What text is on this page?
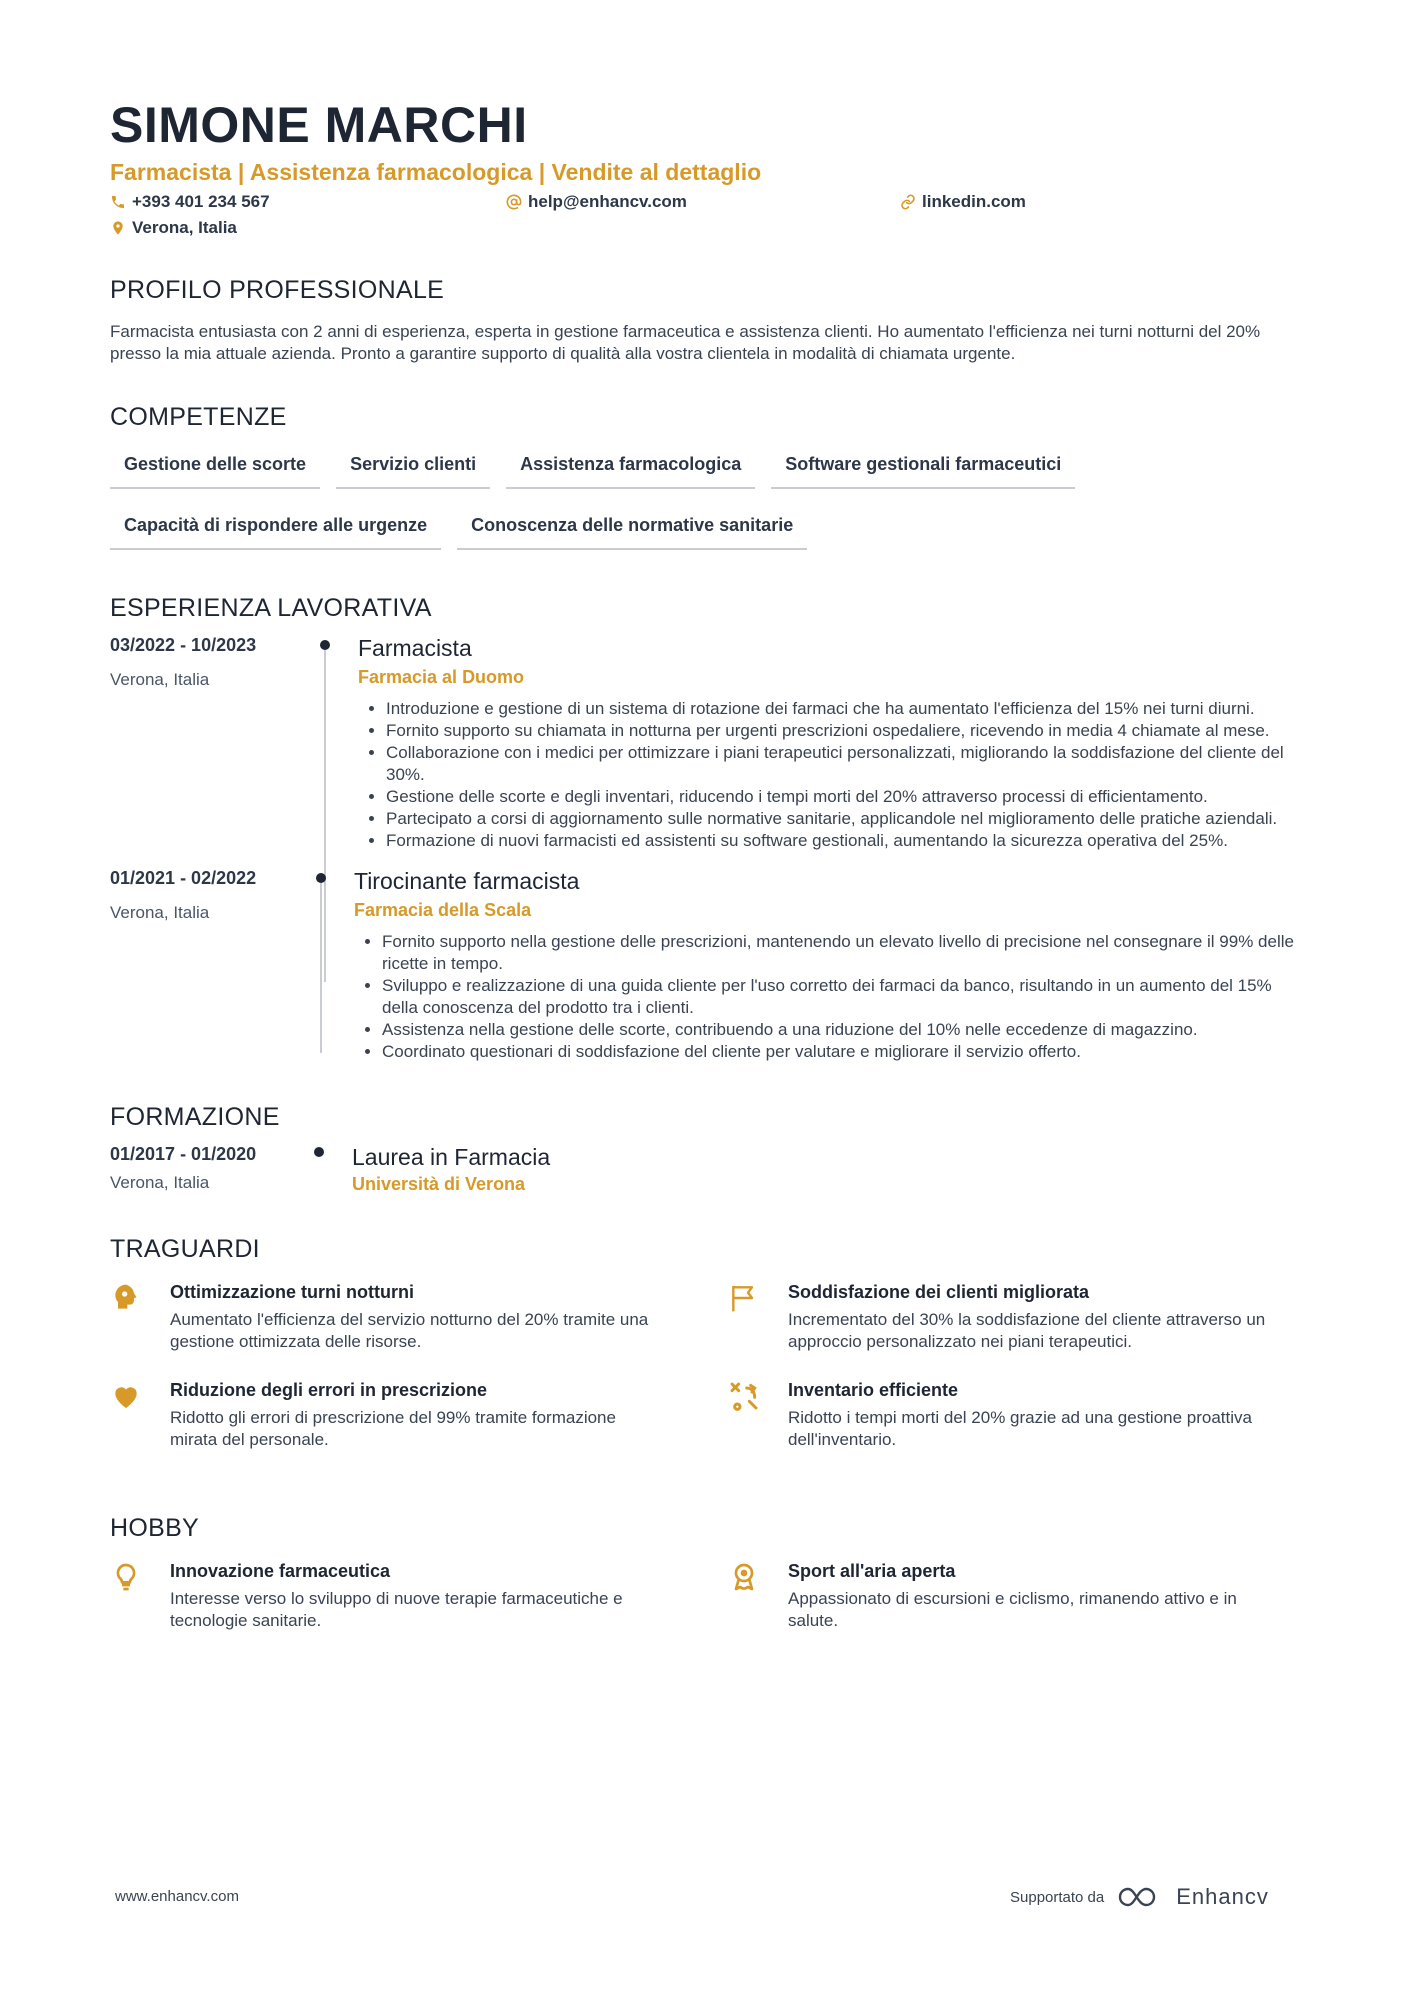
SIMONE MARCHI
Farmacista | Assistenza farmacologica | Vendite al dettaglio
+393 401 234 567	help@enhancv.com	linkedin.com
Verona, Italia
PROFILO PROFESSIONALE
Farmacista entusiasta con 2 anni di esperienza, esperta in gestione farmaceutica e assistenza clienti. Ho aumentato l'efficienza nei turni notturni del 20% presso la mia attuale azienda. Pronto a garantire supporto di qualità alla vostra clientela in modalità di chiamata urgente.
COMPETENZE
Gestione delle scorte	Servizio clienti	Assistenza farmacologica	Software gestionali farmaceutici
Capacità di rispondere alle urgenze	Conoscenza delle normative sanitarie
ESPERIENZA LAVORATIVA
03/2022 - 10/2023
Verona, Italia
Farmacista
Farmacia al Duomo
• Introduzione e gestione di un sistema di rotazione dei farmaci che ha aumentato l'efficienza del 15% nei turni diurni.
• Fornito supporto su chiamata in notturna per urgenti prescrizioni ospedaliere, ricevendo in media 4 chiamate al mese.
• Collaborazione con i medici per ottimizzare i piani terapeutici personalizzati, migliorando la soddisfazione del cliente del 30%.
• Gestione delle scorte e degli inventari, riducendo i tempi morti del 20% attraverso processi di efficientamento.
• Partecipato a corsi di aggiornamento sulle normative sanitarie, applicandole nel miglioramento delle pratiche aziendali.
• Formazione di nuovi farmacisti ed assistenti su software gestionali, aumentando la sicurezza operativa del 25%.
01/2021 - 02/2022
Verona, Italia
Tirocinante farmacista
Farmacia della Scala
• Fornito supporto nella gestione delle prescrizioni, mantenendo un elevato livello di precisione nel consegnare il 99% delle ricette in tempo.
• Sviluppo e realizzazione di una guida cliente per l'uso corretto dei farmaci da banco, risultando in un aumento del 15% della conoscenza del prodotto tra i clienti.
• Assistenza nella gestione delle scorte, contribuendo a una riduzione del 10% nelle eccedenze di magazzino.
• Coordinato questionari di soddisfazione del cliente per valutare e migliorare il servizio offerto.
FORMAZIONE
01/2017 - 01/2020
Verona, Italia
Laurea in Farmacia
Università di Verona
TRAGUARDI
Ottimizzazione turni notturni
Aumentato l'efficienza del servizio notturno del 20% tramite una gestione ottimizzata delle risorse.
Soddisfazione dei clienti migliorata
Incrementato del 30% la soddisfazione del cliente attraverso un approccio personalizzato nei piani terapeutici.
Riduzione degli errori in prescrizione
Ridotto gli errori di prescrizione del 99% tramite formazione mirata del personale.
Inventario efficiente
Ridotto i tempi morti del 20% grazie ad una gestione proattiva dell'inventario.
HOBBY
Innovazione farmaceutica
Interesse verso lo sviluppo di nuove terapie farmaceutiche e tecnologie sanitarie.
Sport all'aria aperta
Appassionato di escursioni e ciclismo, rimanendo attivo e in salute.
www.enhancv.com	Supportato da	Enhancv
